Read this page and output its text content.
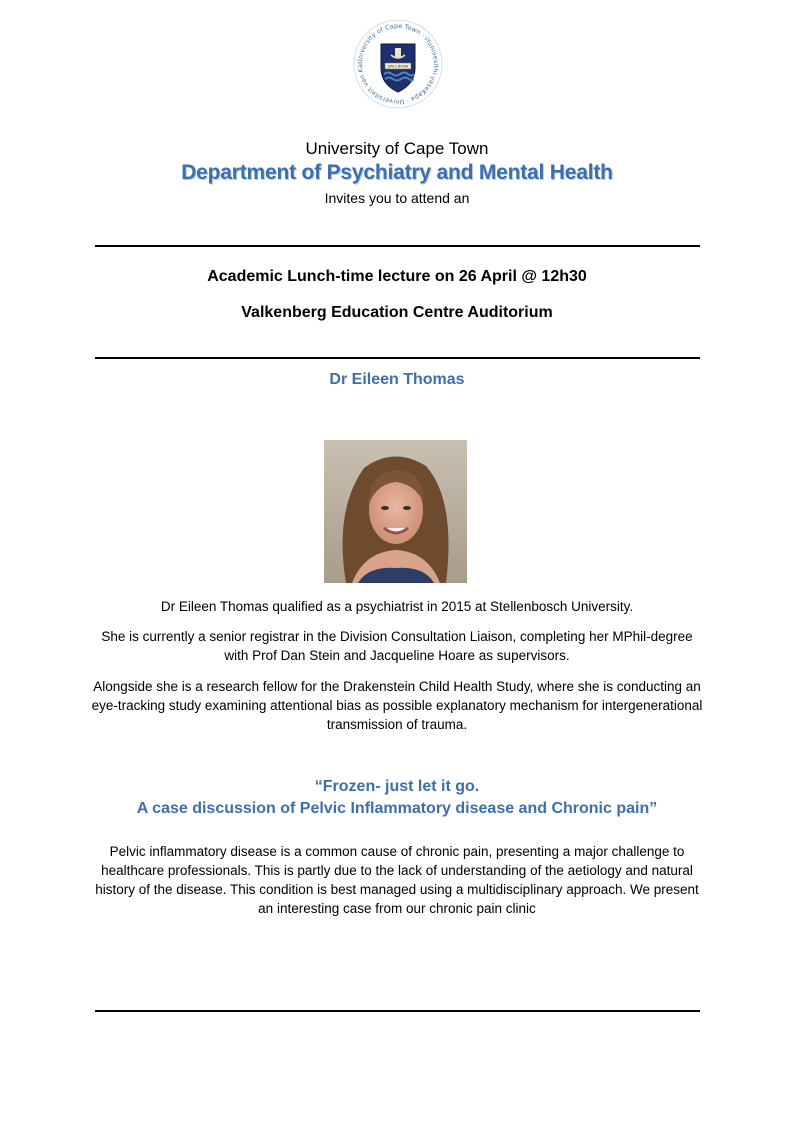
University of Cape Town · iYunivesithi yaseKapa · Universiteit van Ka	SPES BONA
University of Cape Town
Department of Psychiatry and Mental Health
Invites you to attend an
Academic Lunch-time lecture on 26 April @ 12h30
Valkenberg Education Centre Auditorium
Dr Eileen Thomas
Dr Eileen Thomas qualified as a psychiatrist in 2015 at Stellenbosch University.
She is currently a senior registrar in the Division Consultation Liaison, completing her MPhil-degree with Prof Dan Stein and Jacqueline Hoare as supervisors.
Alongside she is a research fellow for the Drakenstein Child Health Study, where she is conducting an eye-tracking study examining attentional bias as possible explanatory mechanism for intergenerational transmission of trauma.
“Frozen- just let it go.
A case discussion of Pelvic Inflammatory disease and Chronic pain”
Pelvic inflammatory disease is a common cause of chronic pain, presenting a major challenge to healthcare professionals. This is partly due to the lack of understanding of the aetiology and natural history of the disease. This condition is best managed using a multidisciplinary approach. We present an interesting case from our chronic pain clinic
